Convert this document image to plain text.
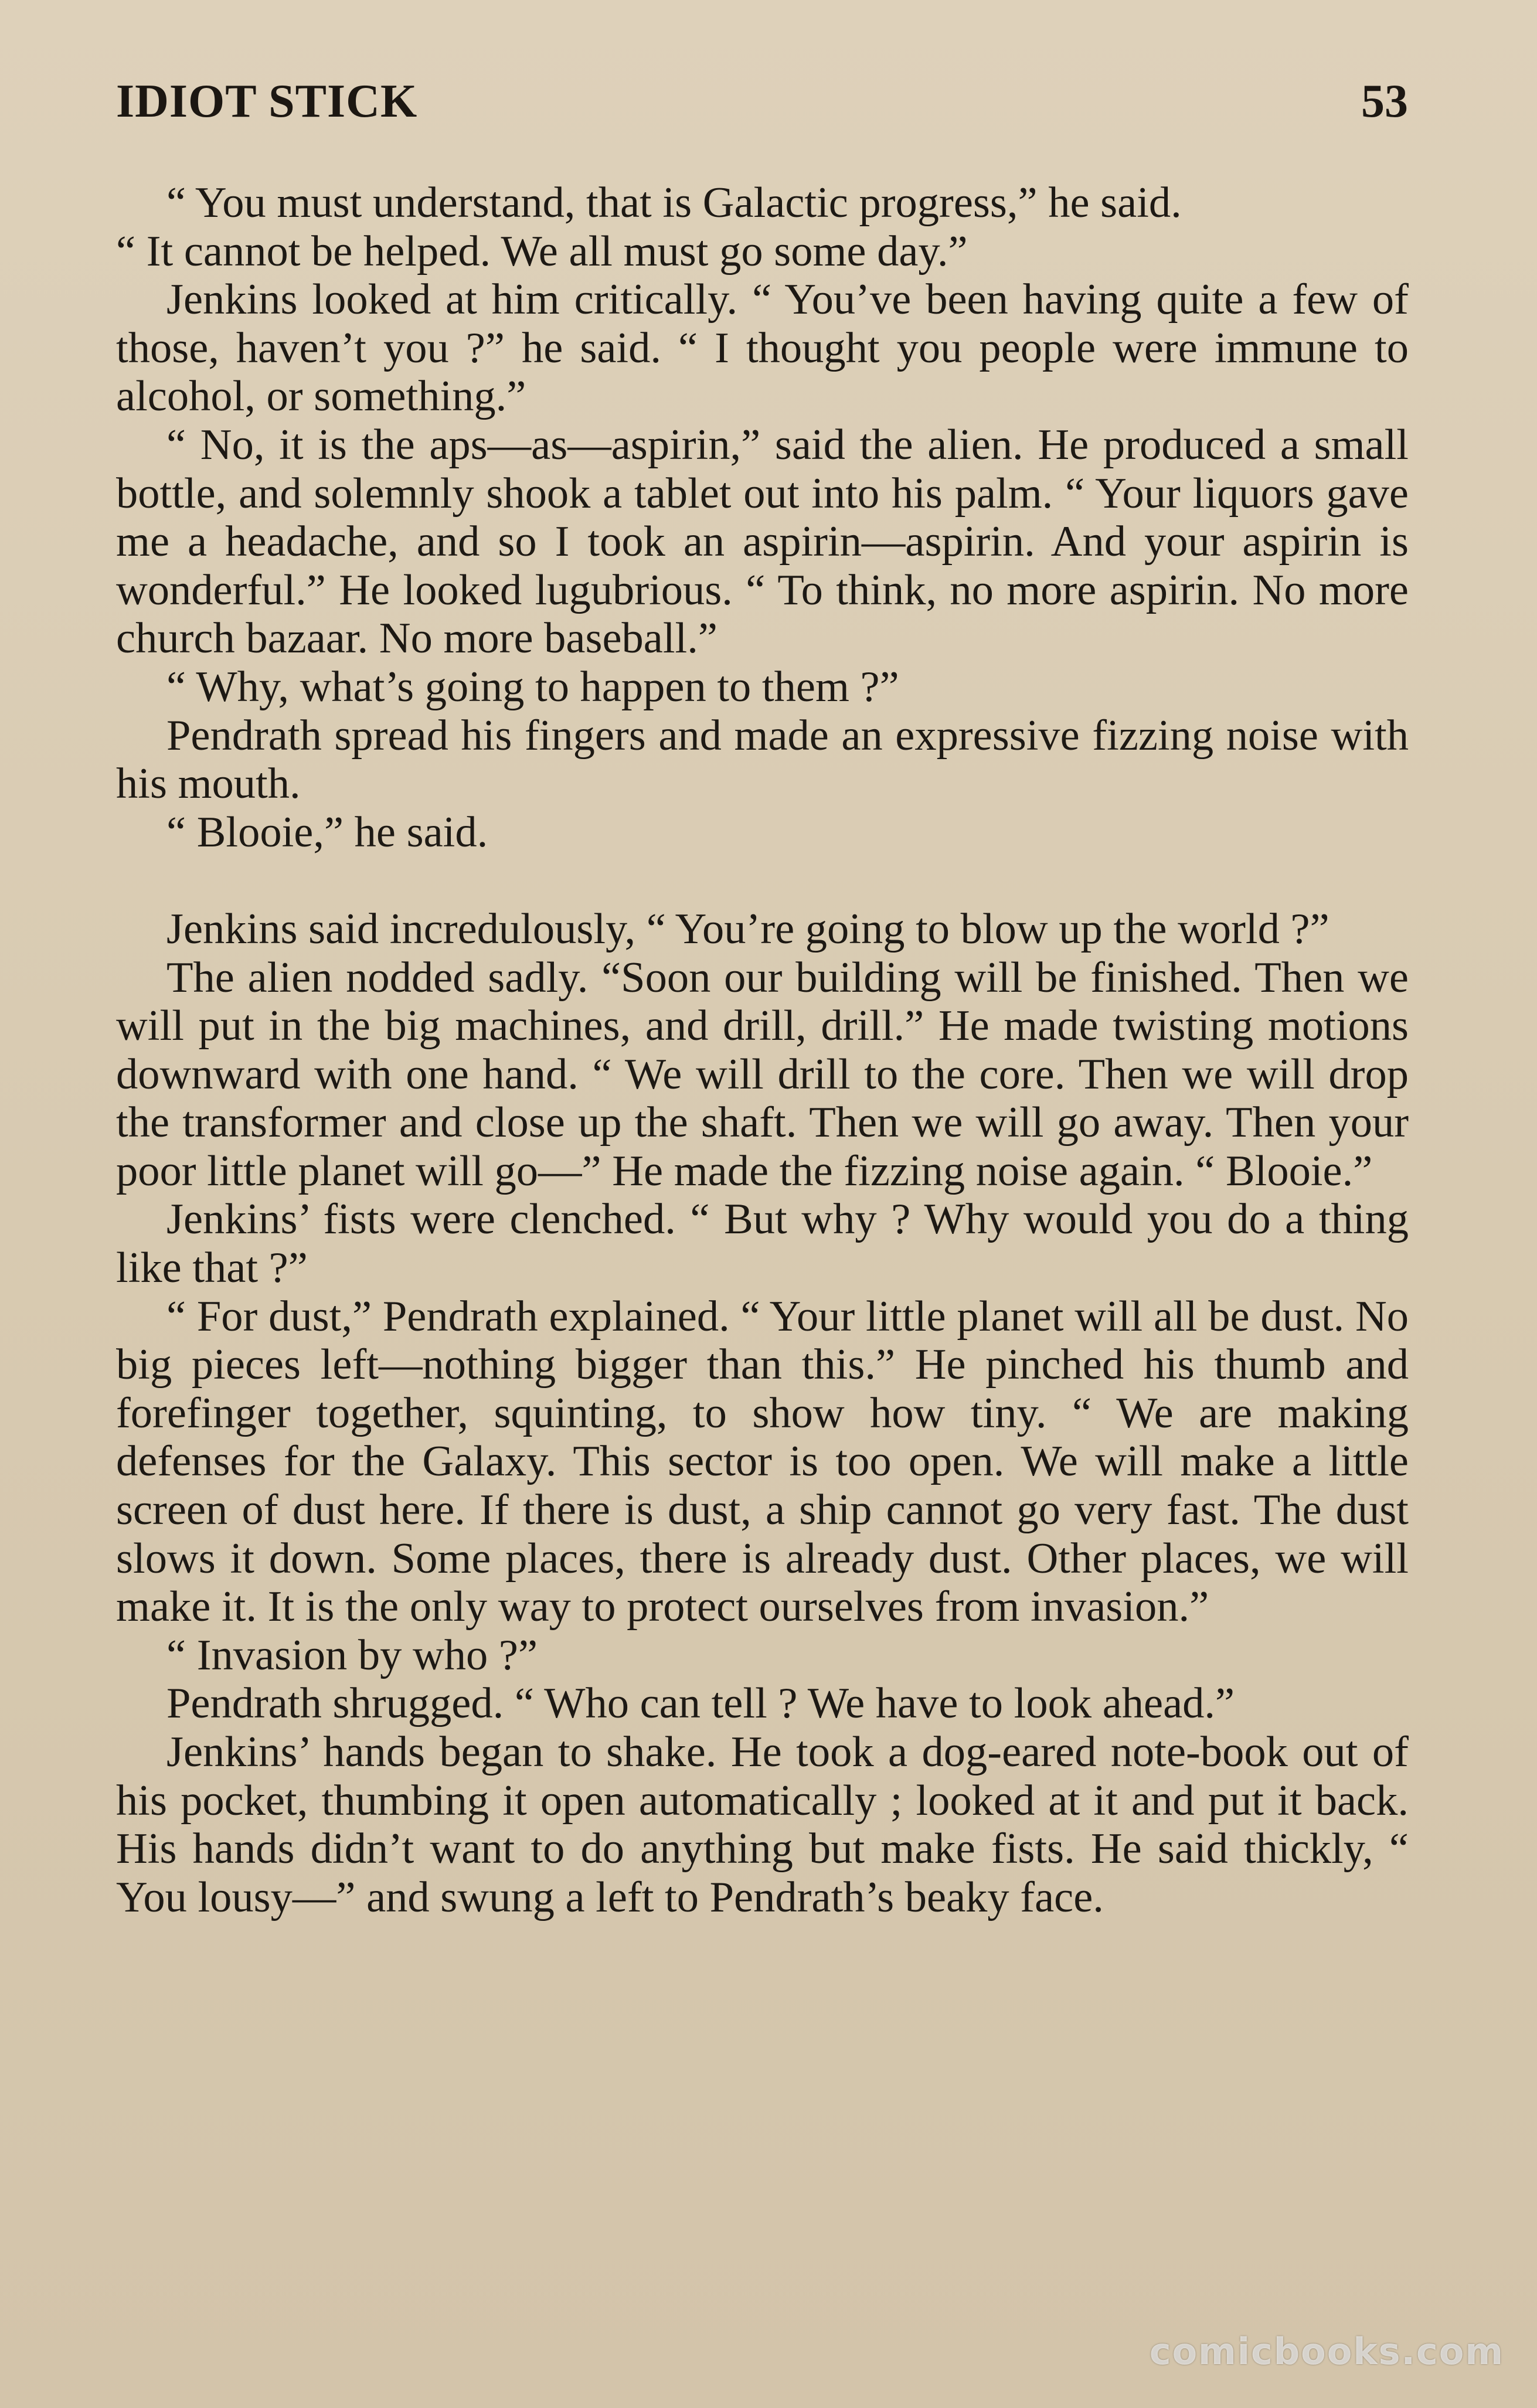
IDIOT STICK	53

“ You must understand, that is Galactic progress,” he said.

“ It cannot be helped. We all must go some day.”

Jenkins looked at him critically. “ You’ve been having quite a few of those, haven’t you ?” he said. “ I thought you people were immune to alcohol, or something.”

“ No, it is the aps—as—aspirin,” said the alien. He produced a small bottle, and solemnly shook a tablet out into his palm. “ Your liquors gave me a headache, and so I took an aspirin—aspirin. And your aspirin is wonderful.” He looked lugubrious. “ To think, no more aspirin. No more church bazaar. No more baseball.”

“ Why, what’s going to happen to them ?”

Pendrath spread his fingers and made an expressive fizzing noise with his mouth.

“ Blooie,” he said.

Jenkins said incredulously, “ You’re going to blow up the world ?”

The alien nodded sadly. “Soon our building will be finished. Then we will put in the big machines, and drill, drill.” He made twisting motions downward with one hand. “ We will drill to the core. Then we will drop the transformer and close up the shaft. Then we will go away. Then your poor little planet will go—” He made the fizzing noise again. “ Blooie.”

Jenkins’ fists were clenched. “ But why ? Why would you do a thing like that ?”

“ For dust,” Pendrath explained. “ Your little planet will all be dust. No big pieces left—nothing bigger than this.” He pinched his thumb and forefinger together, squinting, to show how tiny. “ We are making defenses for the Galaxy. This sector is too open. We will make a little screen of dust here. If there is dust, a ship cannot go very fast. The dust slows it down. Some places, there is already dust. Other places, we will make it. It is the only way to protect ourselves from invasion.”

“ Invasion by who ?”

Pendrath shrugged. “ Who can tell ? We have to look ahead.”

Jenkins’ hands began to shake. He took a dog-eared note-book out of his pocket, thumbing it open automatically ; looked at it and put it back. His hands didn’t want to do anything but make fists. He said thickly, “ You lousy—” and swung a left to Pendrath’s beaky face.

comicbooks.com
